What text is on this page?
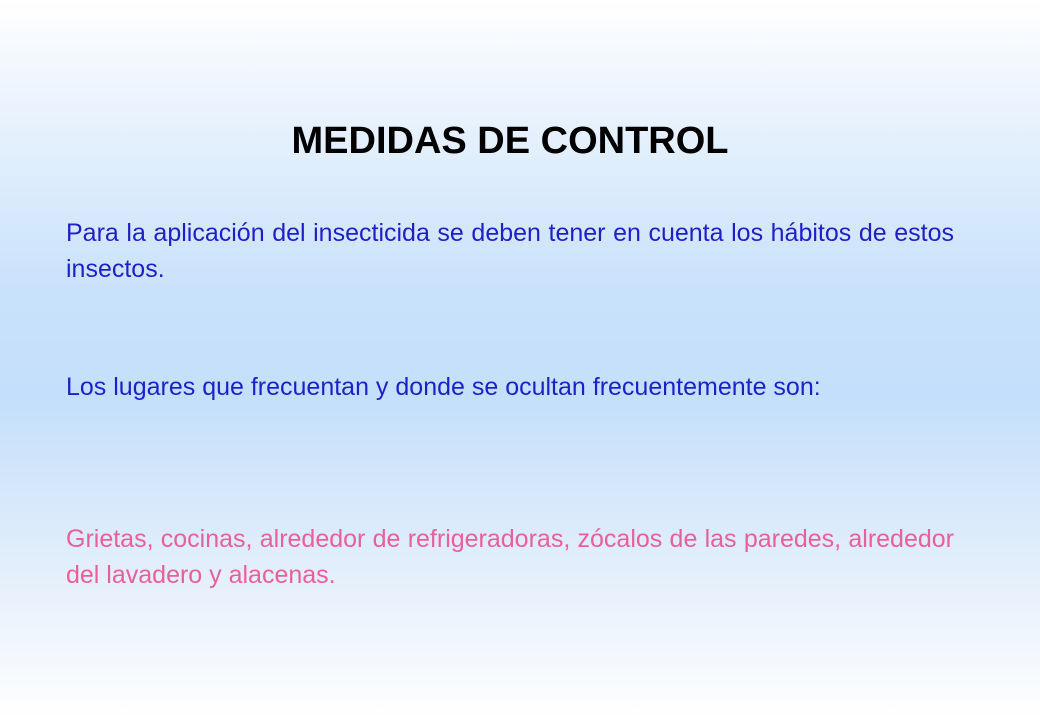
MEDIDAS DE CONTROL

Para la aplicación del insecticida se deben tener en cuenta los hábitos de estos insectos.

Los lugares que frecuentan y donde se ocultan frecuentemente son:

Grietas, cocinas, alrededor de refrigeradoras, zócalos de las paredes, alrededor del lavadero y alacenas.
